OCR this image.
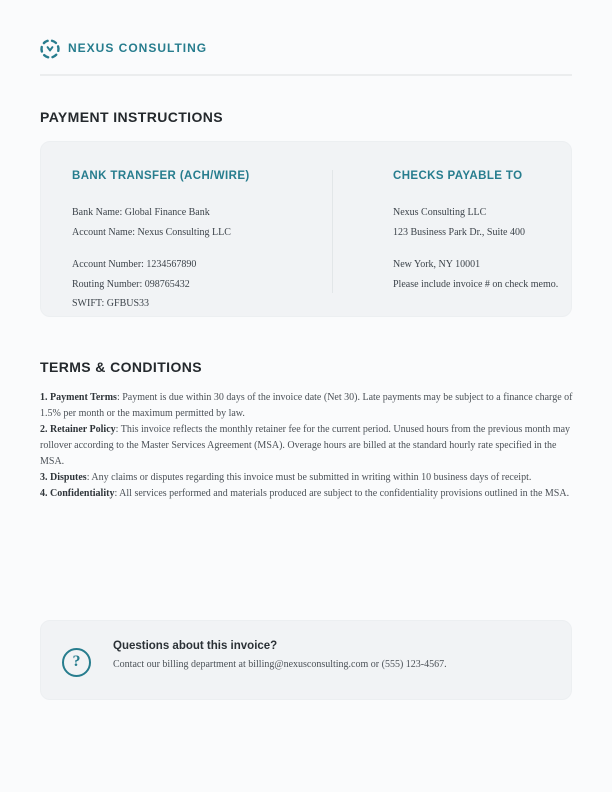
NEXUS CONSULTING
PAYMENT INSTRUCTIONS
BANK TRANSFER (ACH/WIRE)

Bank Name: Global Finance Bank

Account Name: Nexus Consulting LLC

Account Number: 1234567890

Routing Number: 098765432

SWIFT: GFBUS33

CHECKS PAYABLE TO

Nexus Consulting LLC

123 Business Park Dr., Suite 400

New York, NY 10001

Please include invoice # on check memo.

TERMS & CONDITIONS

1. Payment Terms: Payment is due within 30 days of the invoice date (Net 30). Late payments may be subject to a finance charge of 1.5% per month or the maximum permitted by law.

2. Retainer Policy: This invoice reflects the monthly retainer fee for the current period. Unused hours from the previous month may rollover according to the Master Services Agreement (MSA). Overage hours are billed at the standard hourly rate specified in the MSA.

3. Disputes: Any claims or disputes regarding this invoice must be submitted in writing within 10 business days of receipt.

4. Confidentiality: All services performed and materials produced are subject to the confidentiality provisions outlined in the MSA.

?
Questions about this invoice?
Contact our billing department at billing@nexusconsulting.com or (555) 123-4567.
